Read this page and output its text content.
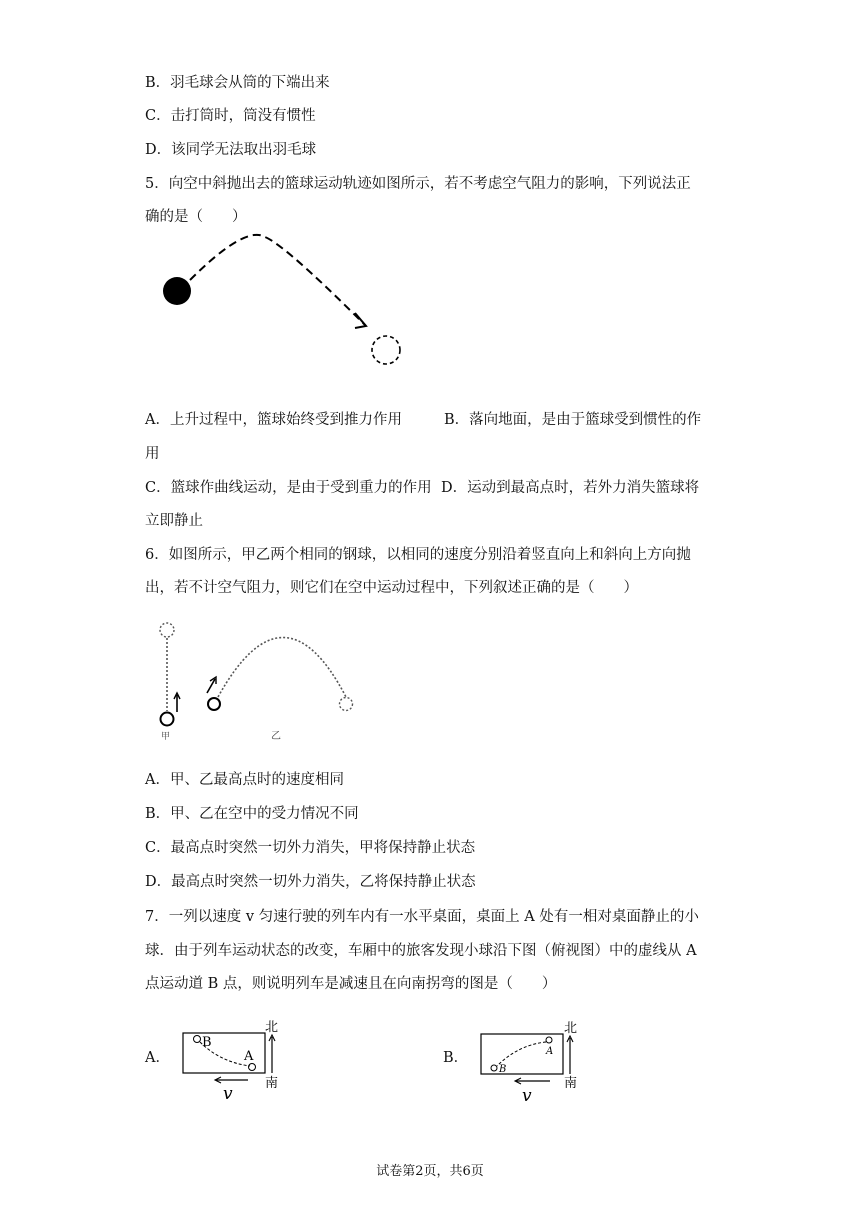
B．羽毛球会从筒的下端出来
C．击打筒时，筒没有惯性
D．该同学无法取出羽毛球
5．向空中斜抛出去的篮球运动轨迹如图所示，若不考虑空气阻力的影响，下列说法正
确的是（　　）
A．上升过程中，篮球始终受到推力作用	B．落向地面，是由于篮球受到惯性的作
用
C．篮球作曲线运动，是由于受到重力的作用 D．运动到最高点时，若外力消失篮球将
立即静止
6．如图所示，甲乙两个相同的钢球，以相同的速度分别沿着竖直向上和斜向上方向抛
出，若不计空气阻力，则它们在空中运动过程中，下列叙述正确的是（　　）
甲	乙
A．甲、乙最高点时的速度相同
B．甲、乙在空中的受力情况不同
C．最高点时突然一切外力消失，甲将保持静止状态
D．最高点时突然一切外力消失，乙将保持静止状态
7．一列以速度 v 匀速行驶的列车内有一水平桌面，桌面上 A 处有一相对桌面静止的小
球．由于列车运动状态的改变，车厢中的旅客发现小球沿下图（俯视图）中的虚线从 A
点运动道 B 点，则说明列车是减速且在向南拐弯的图是（　　）
A．
B
A
北
南
v
B．	A
B
北
南
v
试卷第2页，共6页
